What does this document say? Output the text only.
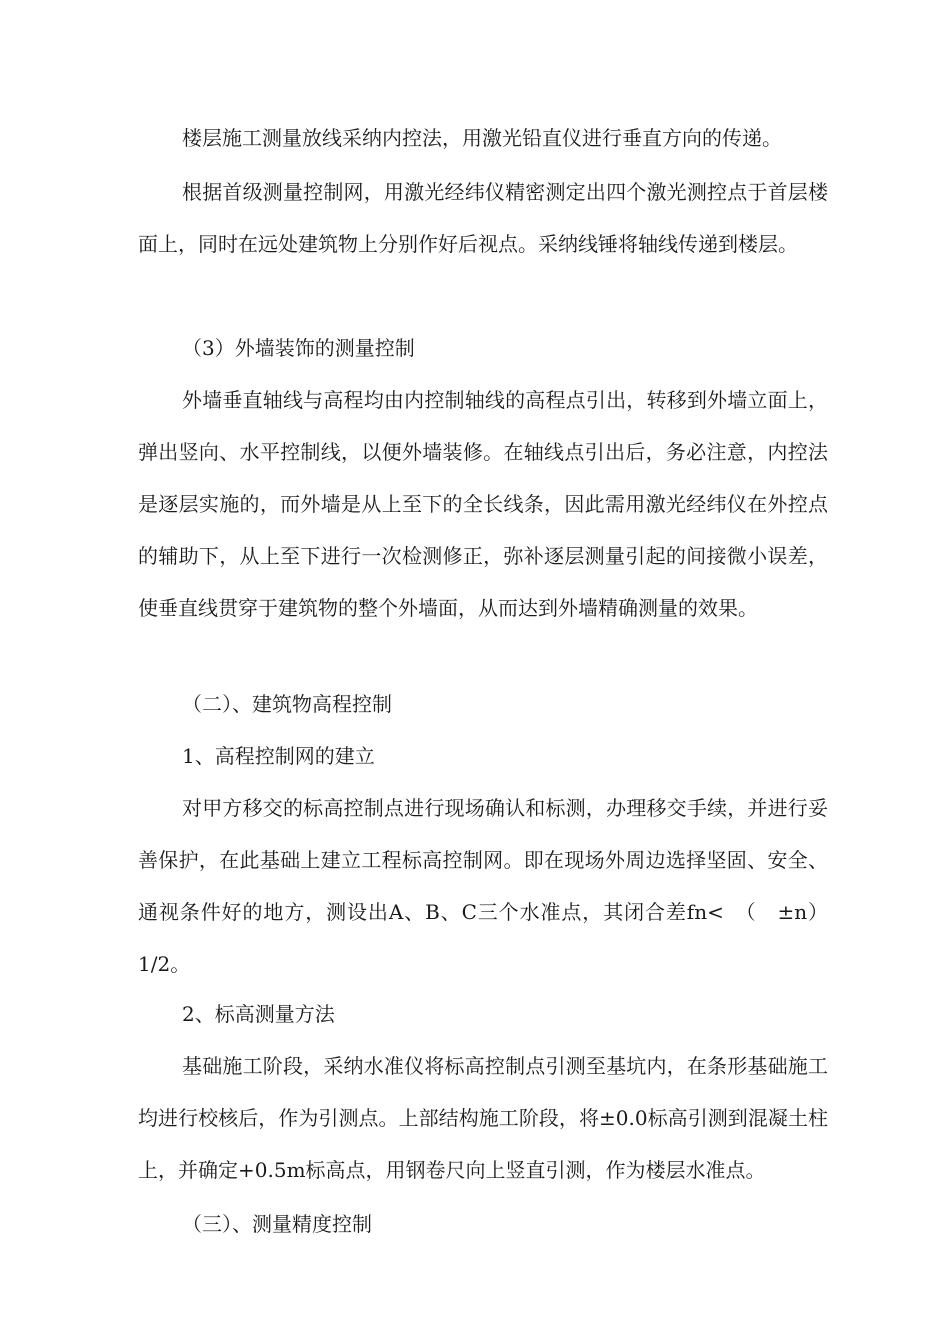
楼层施工测量放线采纳内控法，用激光铅直仪进行垂直方向的传递。

根据首级测量控制网，用激光经纬仪精密测定出四个激光测控点于首层楼面上，同时在远处建筑物上分别作好后视点。采纳线锤将轴线传递到楼层。

（3）外墙装饰的测量控制

外墙垂直轴线与高程均由内控制轴线的高程点引出，转移到外墙立面上，弹出竖向、水平控制线，以便外墙装修。在轴线点引出后，务必注意，内控法是逐层实施的，而外墙是从上至下的全长线条，因此需用激光经纬仪在外控点的辅助下，从上至下进行一次检测修正，弥补逐层测量引起的间接微小误差，使垂直线贯穿于建筑物的整个外墙面，从而达到外墙精确测量的效果。

（二）、建筑物高程控制

1、高程控制网的建立

对甲方移交的标高控制点进行现场确认和标测，办理移交手续，并进行妥善保护，在此基础上建立工程标高控制网。即在现场外周边选择坚固、安全、通视条件好的地方，测设出A、B、C三个水准点，其闭合差fn<　（　±n）1/2。

2、标高测量方法

基础施工阶段，采纳水准仪将标高控制点引测至基坑内，在条形基础施工均进行校核后，作为引测点。上部结构施工阶段，将±0.0标高引测到混凝土柱上，并确定+0.5m标高点，用钢卷尺向上竖直引测，作为楼层水准点。

（三）、测量精度控制
